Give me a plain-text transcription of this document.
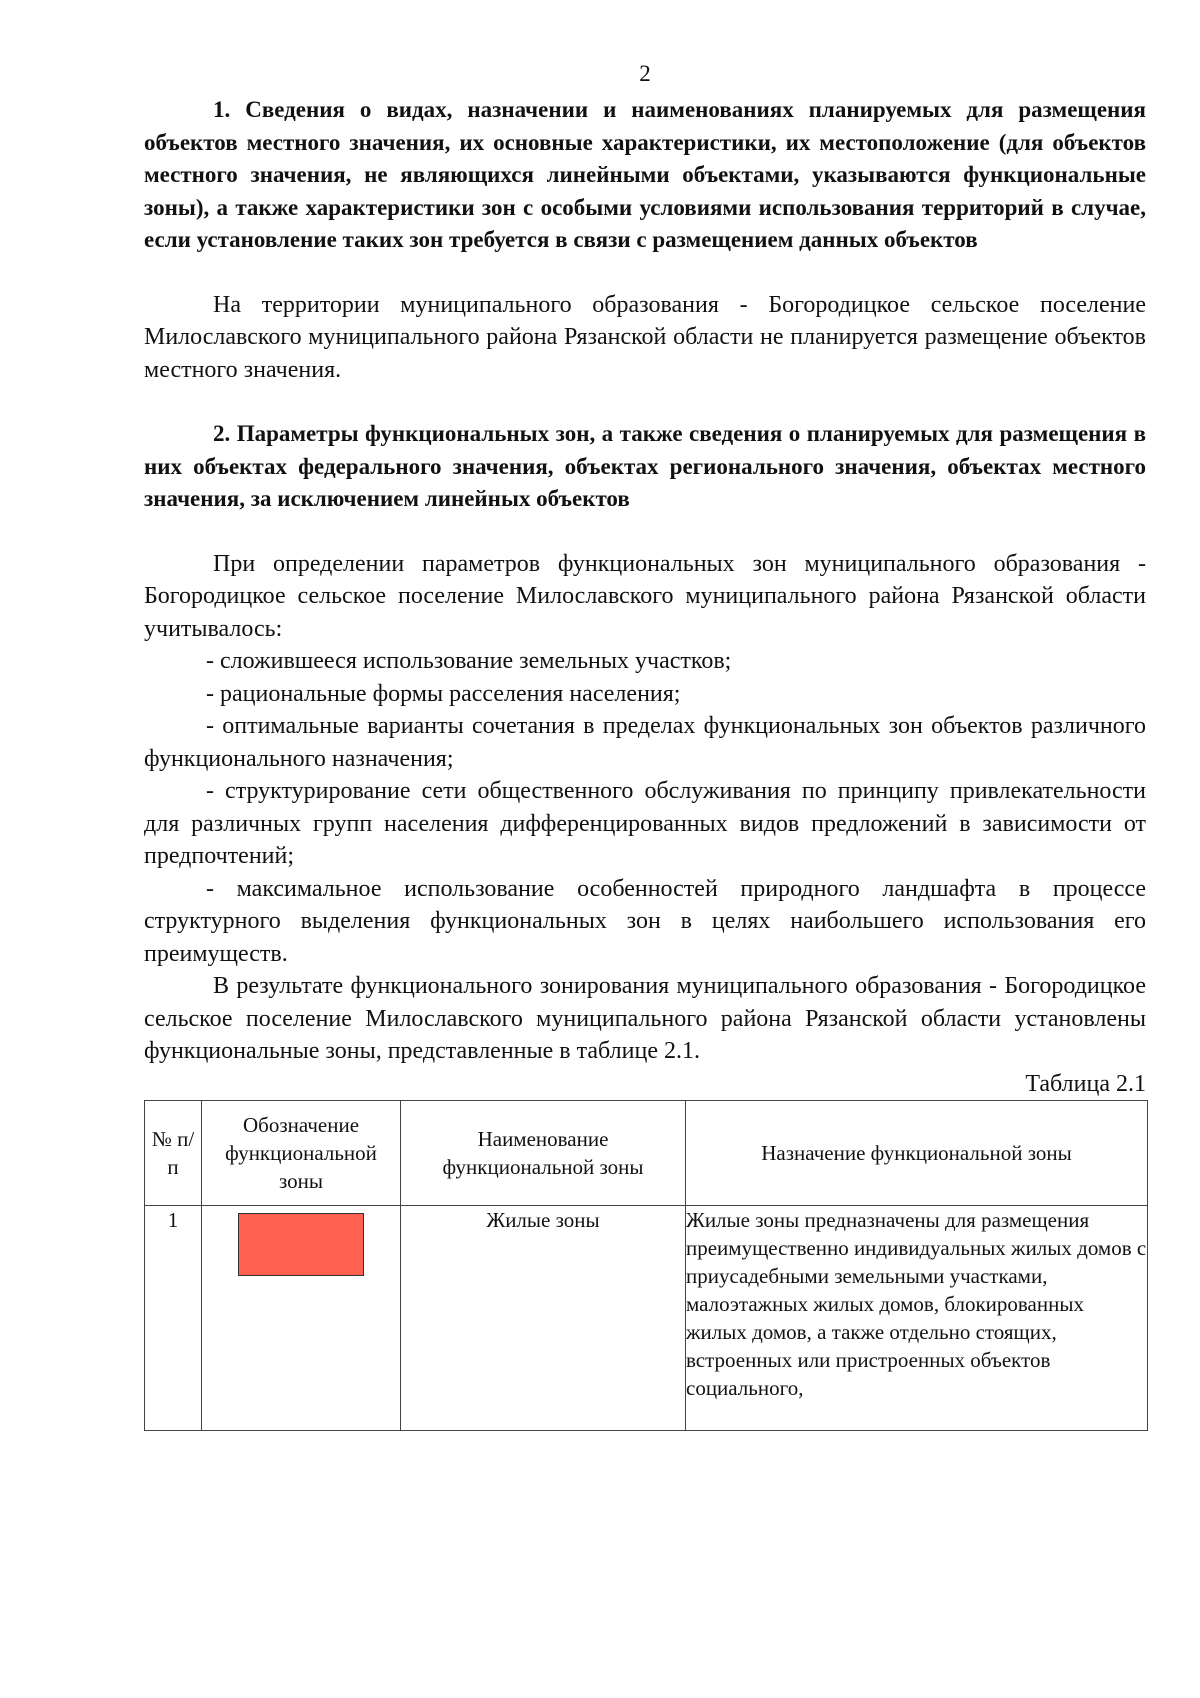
2

1. Сведения о видах, назначении и наименованиях планируемых для размещения объектов местного значения, их основные характеристики, их местоположение (для объектов местного значения, не являющихся линейными объектами, указываются функциональные зоны), а также характеристики зон с особыми условиями использования территорий в случае, если установление таких зон требуется в связи с размещением данных объектов

На территории муниципального образования - Богородицкое сельское поселение Милославского муниципального района Рязанской области не планируется размещение объектов местного значения.

2. Параметры функциональных зон, а также сведения о планируемых для размещения в них объектах федерального значения, объектах регионального значения, объектах местного значения, за исключением линейных объектов

При определении параметров функциональных зон муниципального образования - Богородицкое сельское поселение Милославского муниципального района Рязанской области учитывалось:

- сложившееся использование земельных участков;

- рациональные формы расселения населения;

- оптимальные варианты сочетания в пределах функциональных зон объектов различного функционального назначения;

- структурирование сети общественного обслуживания по принципу привлекательности для различных групп населения дифференцированных видов предложений в зависимости от предпочтений;

- максимальное использование особенностей природного ландшафта в процессе структурного выделения функциональных зон в целях наибольшего использования его преимуществ.

В результате функционального зонирования муниципального образования - Богородицкое сельское поселение Милославского муниципального района Рязанской области установлены функциональные зоны, представленные в таблице 2.1.

Таблица 2.1

№ п/п	Обозначение функциональной зоны	Наименование функциональной зоны	Назначение функциональной зоны
1		Жилые зоны	Жилые зоны предназначены для размещения преимущественно индивидуальных жилых домов с приусадебными земельными участками, малоэтажных жилых домов, блокированных жилых домов, а также отдельно стоящих, встроенных или пристроенных объектов социального,
